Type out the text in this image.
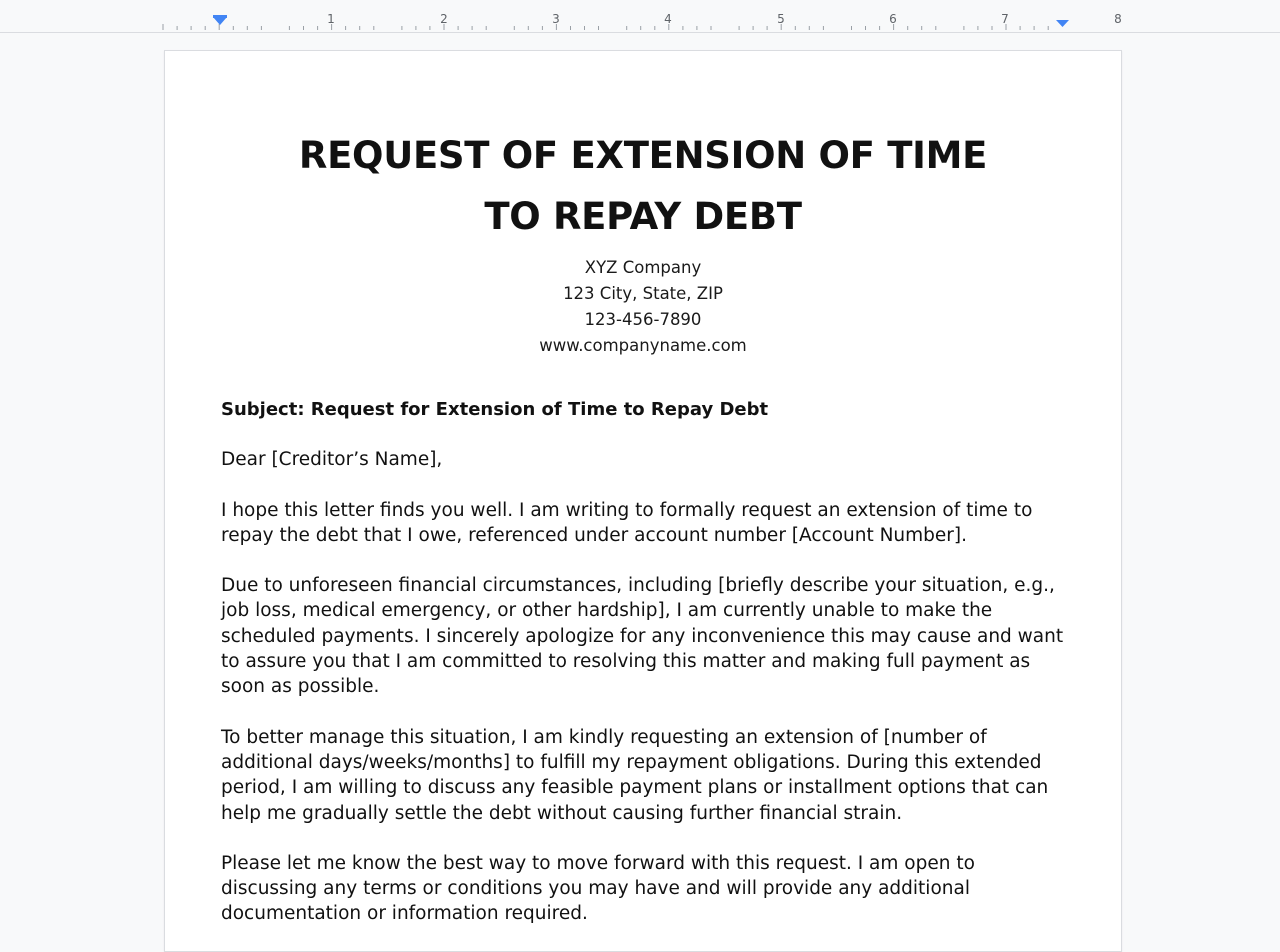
1	2	3	4	5	6	7	8
REQUEST OF EXTENSION OF TIME
TO REPAY DEBT
XYZ Company
123 City, State, ZIP
123-456-7890
www.companyname.com

Subject: Request for Extension of Time to Repay Debt

Dear [Creditor’s Name],

I hope this letter finds you well. I am writing to formally request an extension of time to
repay the debt that I owe, referenced under account number [Account Number].
Due to unforeseen financial circumstances, including [briefly describe your situation, e.g.,
job loss, medical emergency, or other hardship], I am currently unable to make the
scheduled payments. I sincerely apologize for any inconvenience this may cause and want
to assure you that I am committed to resolving this matter and making full payment as
soon as possible.
To better manage this situation, I am kindly requesting an extension of [number of
additional days/weeks/months] to fulfill my repayment obligations. During this extended
period, I am willing to discuss any feasible payment plans or installment options that can
help me gradually settle the debt without causing further financial strain.
Please let me know the best way to move forward with this request. I am open to
discussing any terms or conditions you may have and will provide any additional
documentation or information required.
